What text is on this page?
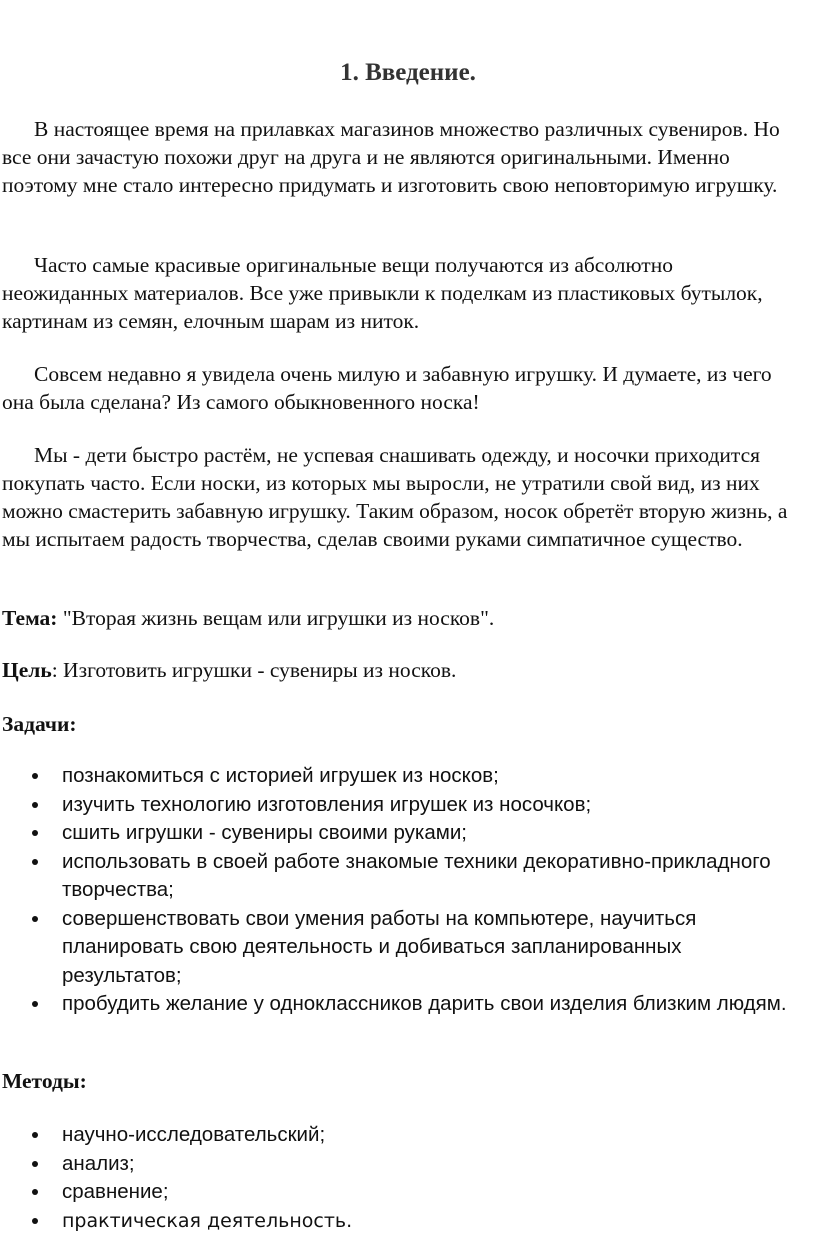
1. Введение.

В настоящее время на прилавках магазинов множество различных сувениров. Но все они зачастую похожи друг на друга и не являются оригинальными. Именно поэтому мне стало интересно придумать и изготовить свою неповторимую игрушку.

Часто самые красивые оригинальные вещи получаются из абсолютно неожиданных материалов. Все уже привыкли к поделкам из пластиковых бутылок, картинам из семян, елочным шарам из ниток.

Совсем недавно я увидела очень милую и забавную игрушку. И думаете, из чего она была сделана? Из самого обыкновенного носка!

Мы - дети быстро растём, не успевая снашивать одежду, и носочки приходится покупать часто. Если носки, из которых мы выросли, не утратили свой вид, из них можно смастерить забавную игрушку. Таким образом, носок обретёт вторую жизнь, а мы испытаем радость творчества, сделав своими руками симпатичное существо.

Тема: "Вторая жизнь вещам или игрушки из носков".

Цель: Изготовить игрушки - сувениры из носков.

Задачи:

познакомиться с историей игрушек из носков;
изучить технологию изготовления игрушек из носочков;
сшить игрушки - сувениры своими руками;
использовать в своей работе знакомые техники декоративно-прикладного творчества;
совершенствовать свои умения работы на компьютере, научиться планировать свою деятельность и добиваться запланированных результатов;
пробудить желание у одноклассников дарить свои изделия близким людям.

Методы:

научно-исследовательский;
анализ;
сравнение;
практическая деятельность.
